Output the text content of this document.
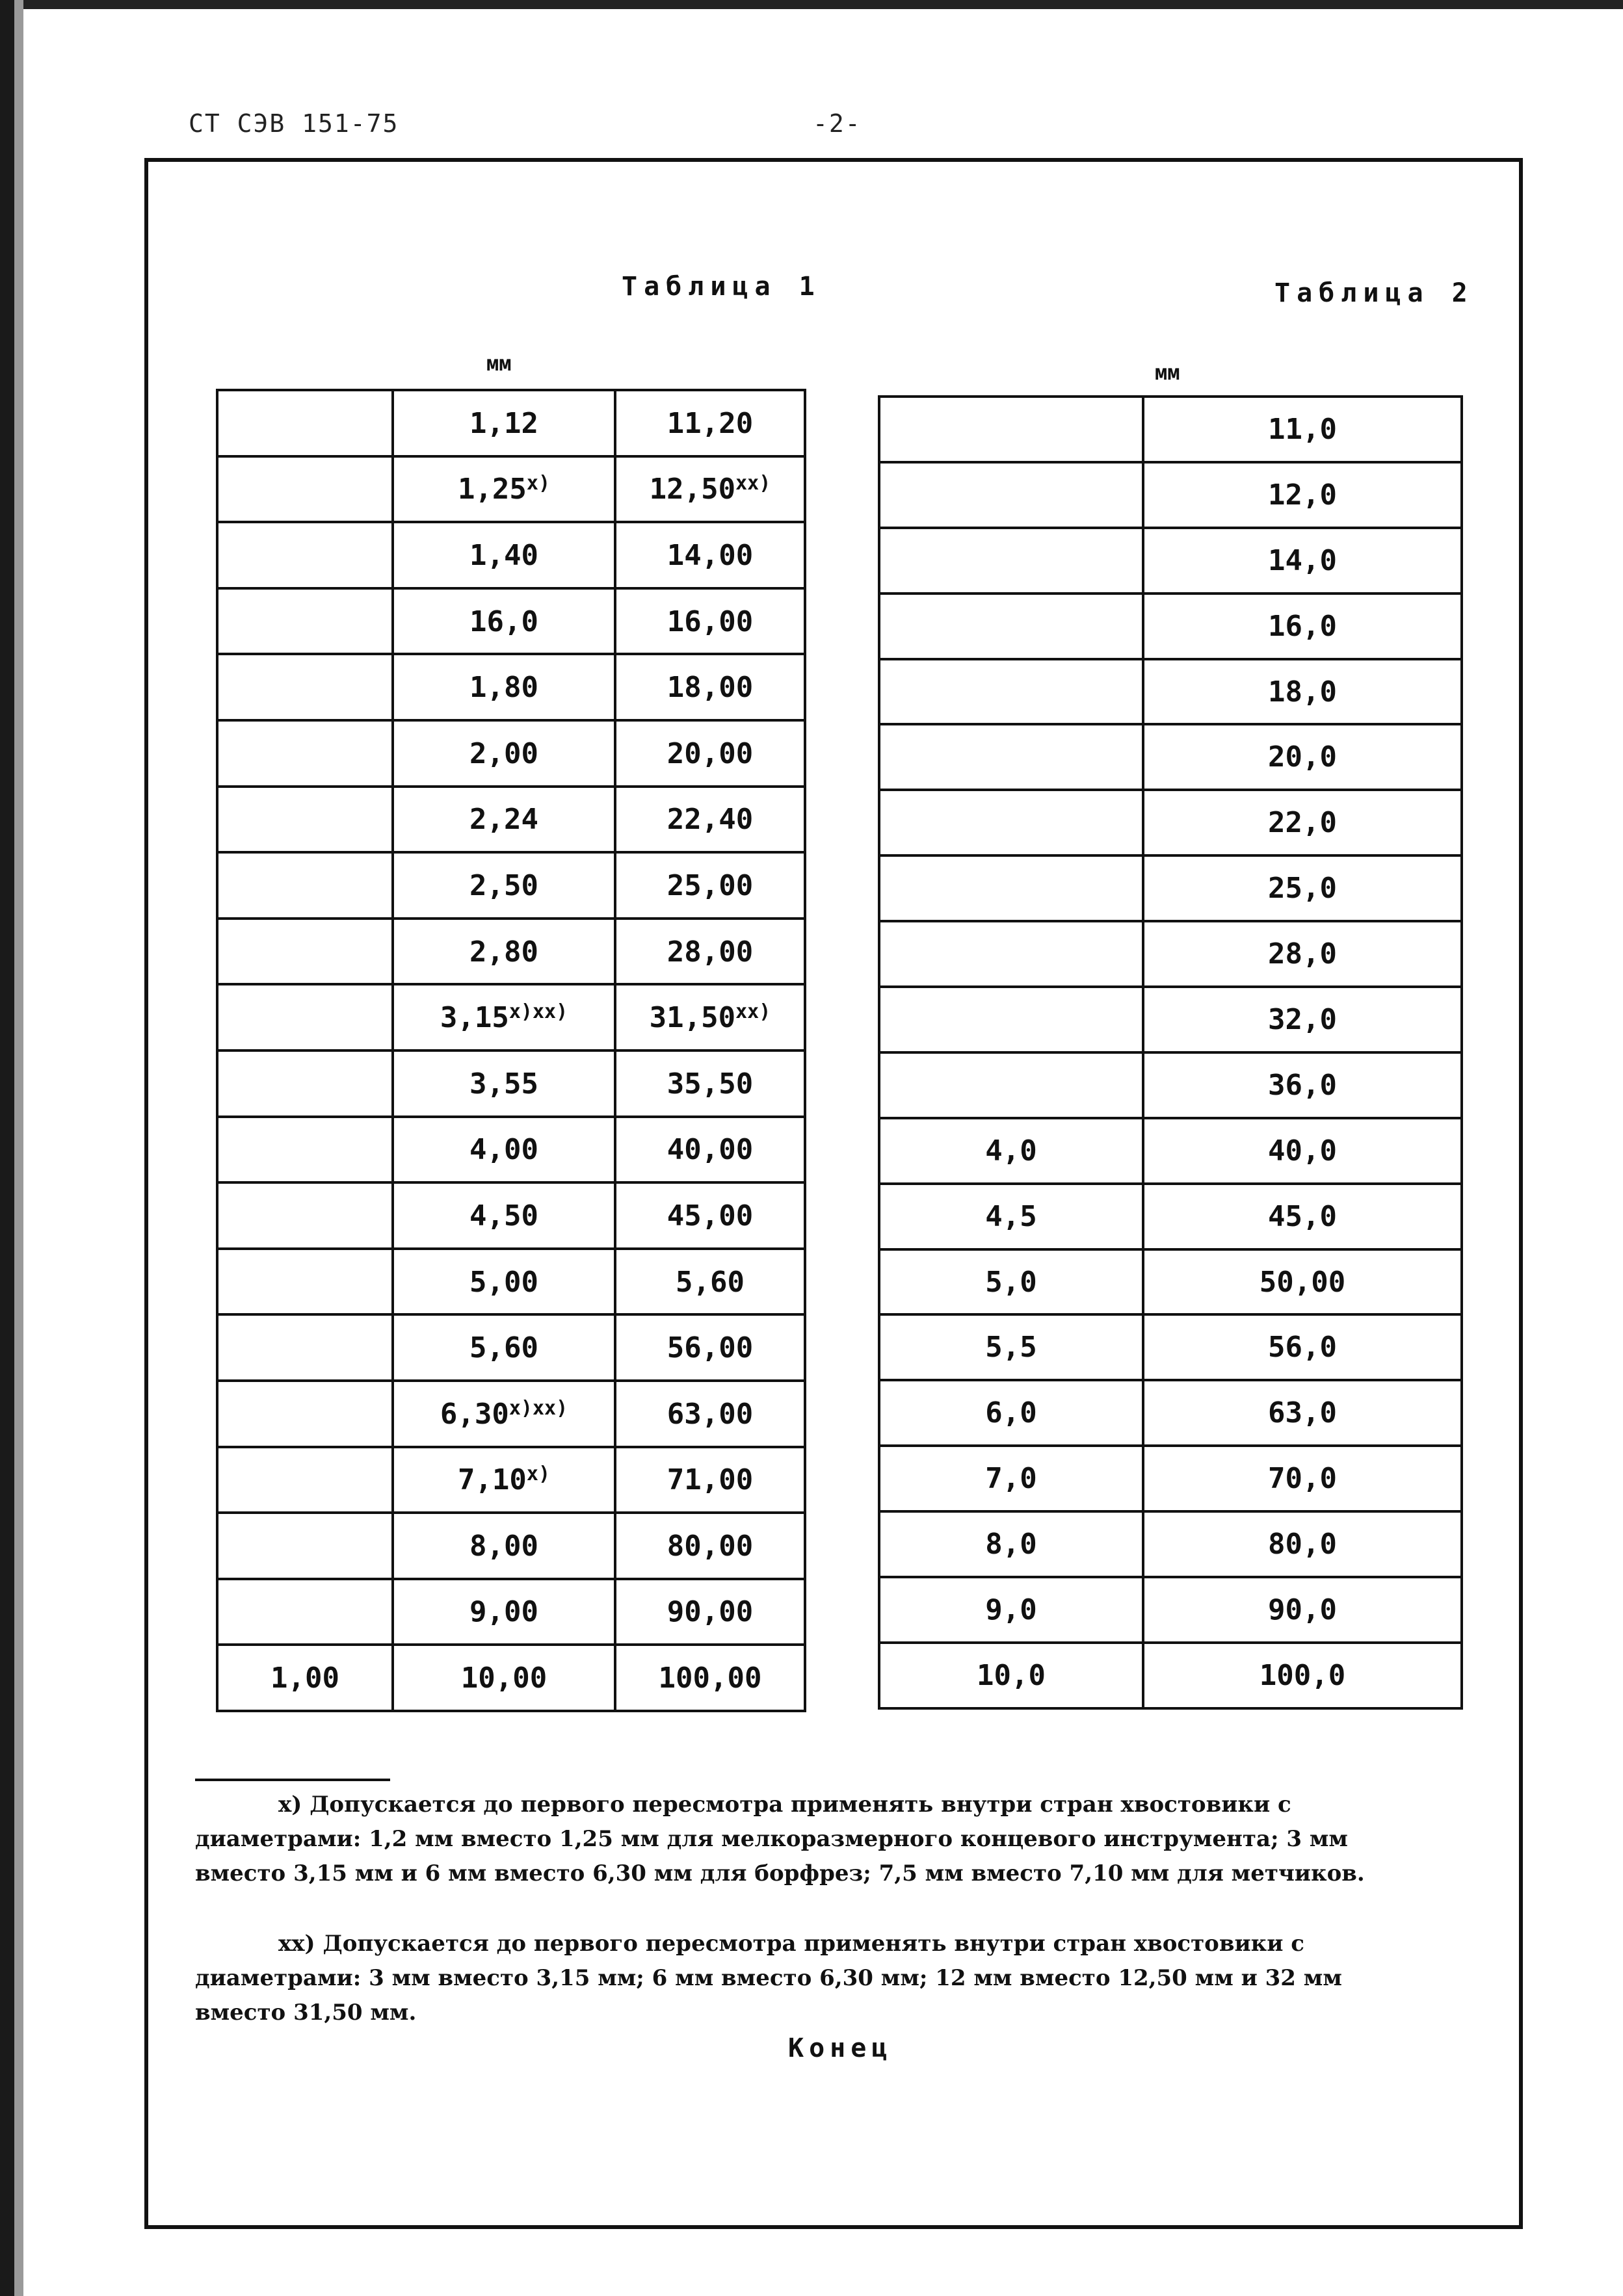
СТ СЭВ 151-75	-2-
Таблица 1
мм
	1,12	11,20
	$1,25^{х)}$	$12,50^{хх)}$
	1,40	14,00
	16,0	16,00
	1,80	18,00
	2,00	20,00
	2,24	22,40
	2,50	25,00
	2,80	28,00
	$3,15^{х)хх)}$	$31,50^{хх)}$
	3,55	35,50
	4,00	40,00
	4,50	45,00
	5,00	5,60
	5,60	56,00
	$6,30^{х)хх)}$	63,00
	$7,10^{х)}$	71,00
	8,00	80,00
	9,00	90,00
1,00	10,00	100,00
Таблица 2
мм
	11,0
	12,0
	14,0
	16,0
	18,0
	20,0
	22,0
	25,0
	28,0
	32,0
	36,0
4,0	40,0
4,5	45,0
5,0	50,00
5,5	56,0
6,0	63,0
7,0	70,0
8,0	80,0
9,0	90,0
10,0	100,0
х) Допускается до первого пересмотра применять внутри стран хвостовики с диаметрами: 1,2 мм вместо 1,25 мм для мелкоразмерного концевого инструмента; 3 мм вместо 3,15 мм и 6 мм вместо 6,30 мм для борфрез; 7,5 мм вместо 7,10 мм для метчиков.
хх) Допускается до первого пересмотра применять внутри стран хвостовики с диаметрами: 3 мм вместо 3,15 мм; 6 мм вместо 6,30 мм; 12 мм вместо 12,50 мм и 32 мм вместо 31,50 мм.
Конец
